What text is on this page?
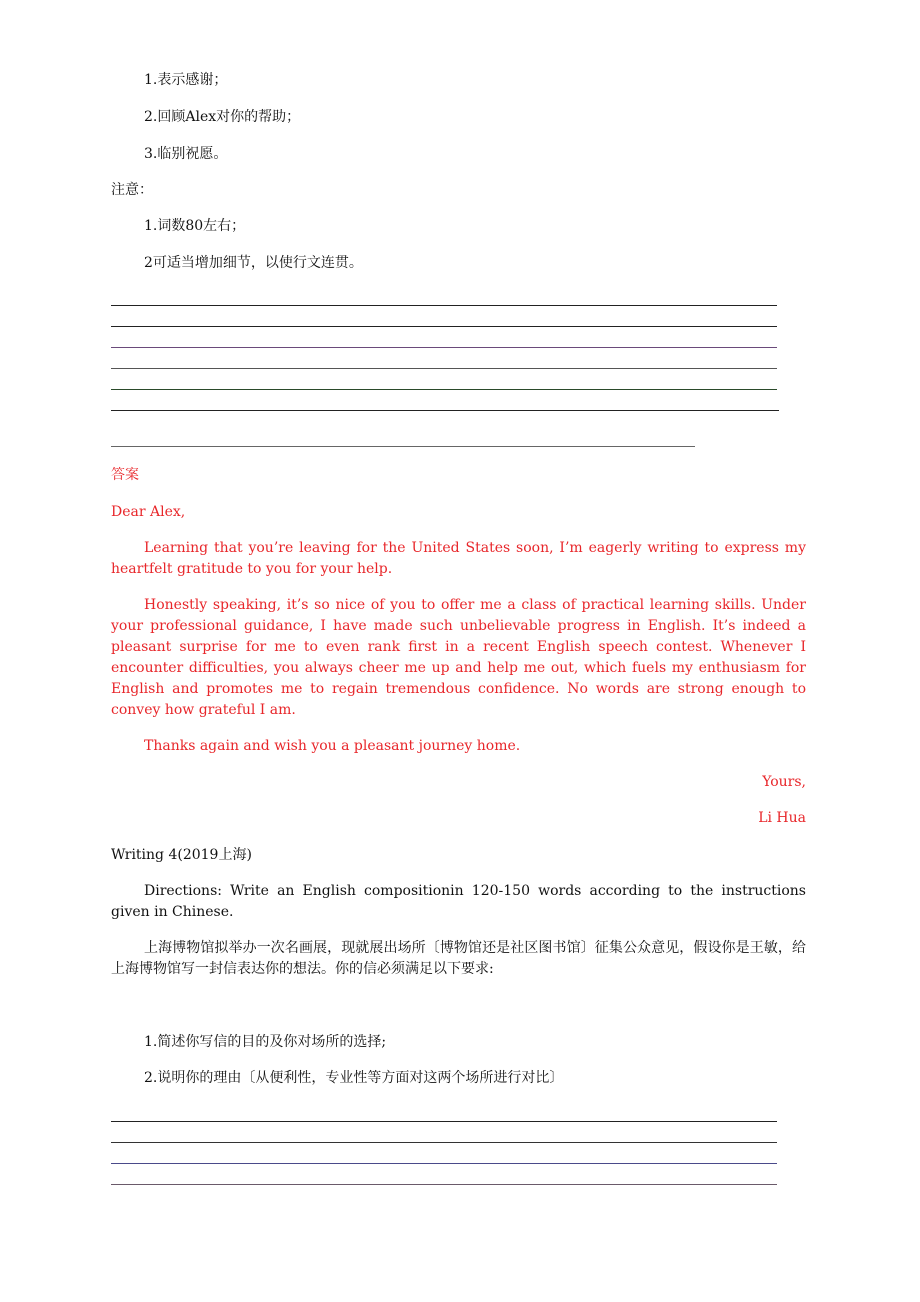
1.表示感谢；
2.回顾Alex对你的帮助；
3.临别祝愿。
注意：
1.词数80左右；
2可适当增加细节，以使行文连贯。
答案
Dear Alex,
Learning that you’re leaving for the United States soon, I’m eagerly writing to express my heartfelt gratitude to you for your help.
Honestly speaking, it’s so nice of you to offer me a class of practical learning skills. Under your professional guidance, I have made such unbelievable progress in English. It’s indeed a pleasant surprise for me to even rank first in a recent English speech contest. Whenever I encounter difficulties, you always cheer me up and help me out, which fuels my enthusiasm for English and promotes me to regain tremendous confidence. No words are strong enough to convey how grateful I am.
Thanks again and wish you a pleasant journey home.
Yours,
Li Hua
Writing 4(2019上海)
Directions: Write an English compositionin 120-150 words according to the instructions given in Chinese.
上海博物馆拟举办一次名画展，现就展出场所〔博物馆还是社区图书馆〕征集公众意见，假设你是王敏，给上海博物馆写一封信表达你的想法。你的信必须满足以下要求:
1.简述你写信的目的及你对场所的选择;
2.说明你的理由〔从便利性，专业性等方面对这两个场所进行对比〕
